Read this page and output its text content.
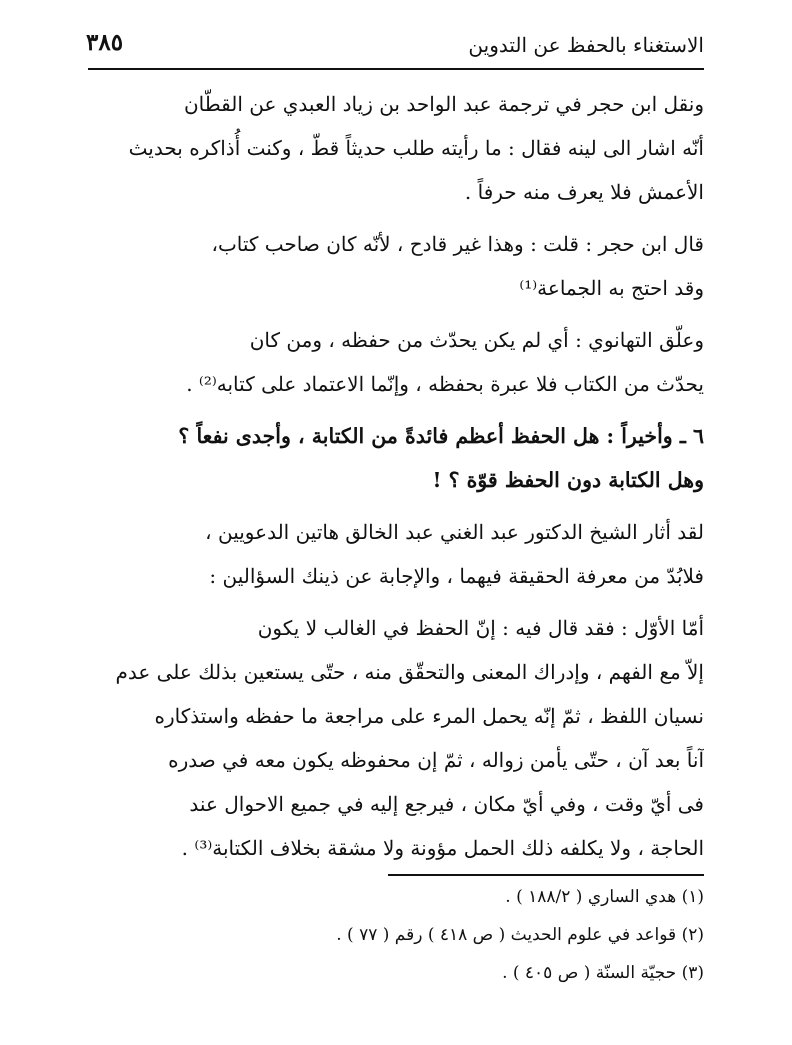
الاستغناء بالحفظ عن التدوين
٣٨٥
ونقل ابن حجر في ترجمة عبد الواحد بن زياد العبدي عن القطّان
أنّه اشار الى لينه فقال : ما رأيته طلب حديثاً قطّ ، وكنت أُذاكره بحديث
الأعمش فلا يعرف منه حرفاً .
قال ابن حجر : قلت : وهذا غير قادح ، لأنّه كان صاحب كتاب،
وقد احتج به الجماعة⁽¹⁾
وعلّق التهانوي : أي لم يكن يحدّث من حفظه ، ومن كان
يحدّث من الكتاب فلا عبرة بحفظه ، وإنّما الاعتماد على كتابه⁽²⁾ .
٦ ـ وأخيراً : هل الحفظ أعظم فائدةً من الكتابة ، وأجدى نفعاً ؟
وهل الكتابة دون الحفظ قوّة ؟ !
لقد أثار الشيخ الدكتور عبد الغني عبد الخالق هاتين الدعويين ،
فلابُدّ من معرفة الحقيقة فيهما ، والإجابة عن ذينك السؤالين :
أمّا الأوّل : فقد قال فيه : إنّ الحفظ في الغالب لا يكون
إلاّ مع الفهم ، وإدراك المعنى والتحقّق منه ، حتّى يستعين بذلك على عدم
نسيان اللفظ ، ثمّ إنّه يحمل المرء على مراجعة ما حفظه واستذكاره
آناً بعد آن ، حتّى يأمن زواله ، ثمّ إن محفوظه يكون معه في صدره
فى أيّ وقت ، وفي أيّ مكان ، فيرجع إليه في جميع الاحوال عند
الحاجة ، ولا يكلفه ذلك الحمل مؤونة ولا مشقة بخلاف الكتابة⁽³⁾ .
(١) هدي الساري ( ١٨٨/٢ ) .
(٢) قواعد في علوم الحديث ( ص ٤١٨ ) رقم ( ٧٧ ) .
(٣) حجيّة السنّة ( ص ٤٠٥ ) .
